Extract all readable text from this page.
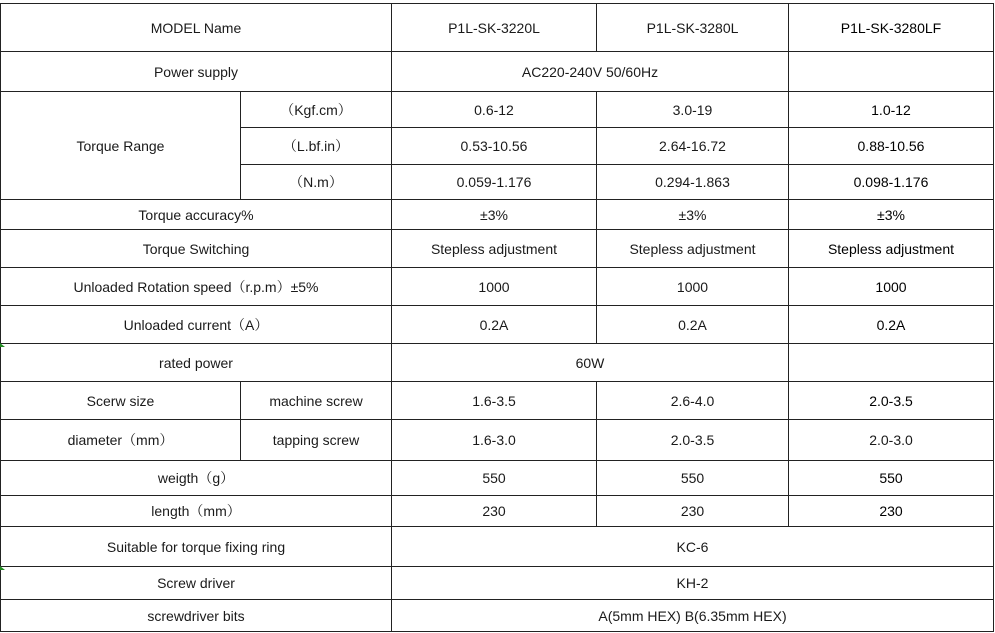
MODEL Name	P1L-SK-3220L	P1L-SK-3280L	P1L-SK-3280LF
Power supply	AC220-240V 50/60Hz
Torque Range
（Kgf.cm）	0.6-12	3.0-19	1.0-12
（L.bf.in）	0.53-10.56	2.64-16.72	0.88-10.56
（N.m）	0.059-1.176	0.294-1.863	0.098-1.176
Torque accuracy%	±3%	±3%	±3%
Torque Switching	Stepless adjustment	Stepless adjustment	Stepless adjustment
Unloaded Rotation speed（r.p.m）±5%	1000	1000	1000
Unloaded current（A）	0.2A	0.2A	0.2A
rated power	60W
Scerw size	machine screw	1.6-3.5	2.6-4.0	2.0-3.5
diameter（mm）	tapping screw	1.6-3.0	2.0-3.5	2.0-3.0
weigth（g）	550	550	550
length（mm）	230	230	230
Suitable for torque fixing ring	KC-6
Screw driver	KH-2
screwdriver bits	A(5mm HEX) B(6.35mm HEX)
